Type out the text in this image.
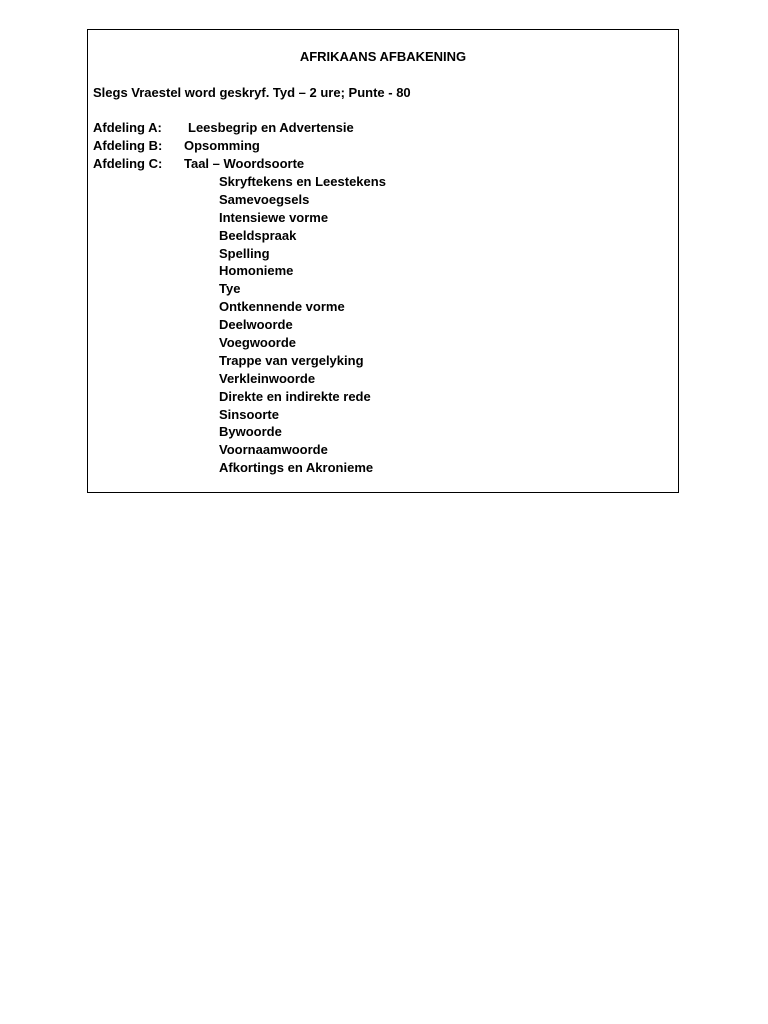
AFRIKAANS AFBAKENING

Slegs Vraestel word geskryf. Tyd – 2 ure; Punte - 80

Afdeling A: Leesbegrip en Advertensie
Afdeling B: Opsomming
Afdeling C: Taal – Woordsoorte
Skryftekens en Leestekens
Samevoegsels
Intensiewe vorme
Beeldspraak
Spelling
Homonieme
Tye
Ontkennende vorme
Deelwoorde
Voegwoorde
Trappe van vergelyking
Verkleinwoorde
Direkte en indirekte rede
Sinsoorte
Bywoorde
Voornaamwoorde
Afkortings en Akronieme
